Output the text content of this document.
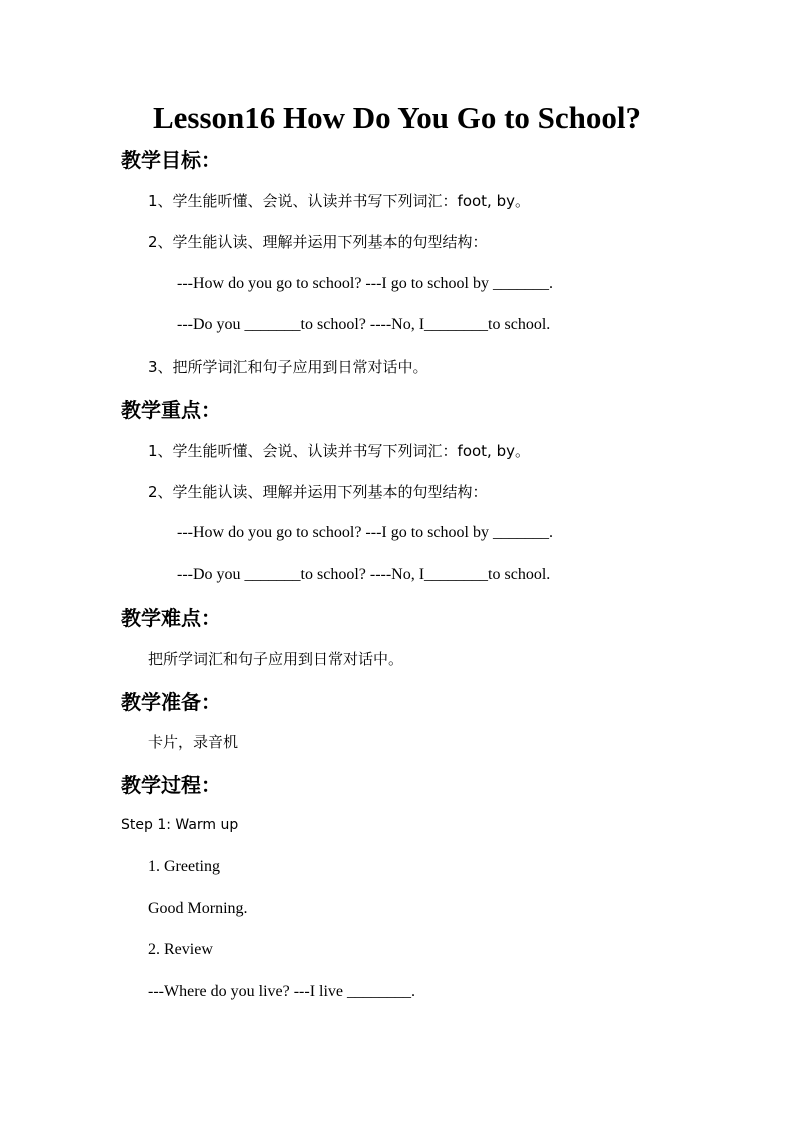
Lesson16 How Do You Go to School?
教学目标：
1、学生能听懂、会说、认读并书写下列词汇：foot, by。
2、学生能认读、理解并运用下列基本的句型结构：
---How do you go to school? ---I go to school by _______.
---Do you _______to school? ----No, I________to school.
3、把所学词汇和句子应用到日常对话中。
教学重点：
1、学生能听懂、会说、认读并书写下列词汇：foot, by。
2、学生能认读、理解并运用下列基本的句型结构：
---How do you go to school? ---I go to school by _______.
---Do you _______to school? ----No, I________to school.
教学难点：
把所学词汇和句子应用到日常对话中。
教学准备：
卡片，录音机
教学过程：
Step 1: Warm up
1. Greeting
Good Morning.
2. Review
---Where do you live? ---I live ________.
